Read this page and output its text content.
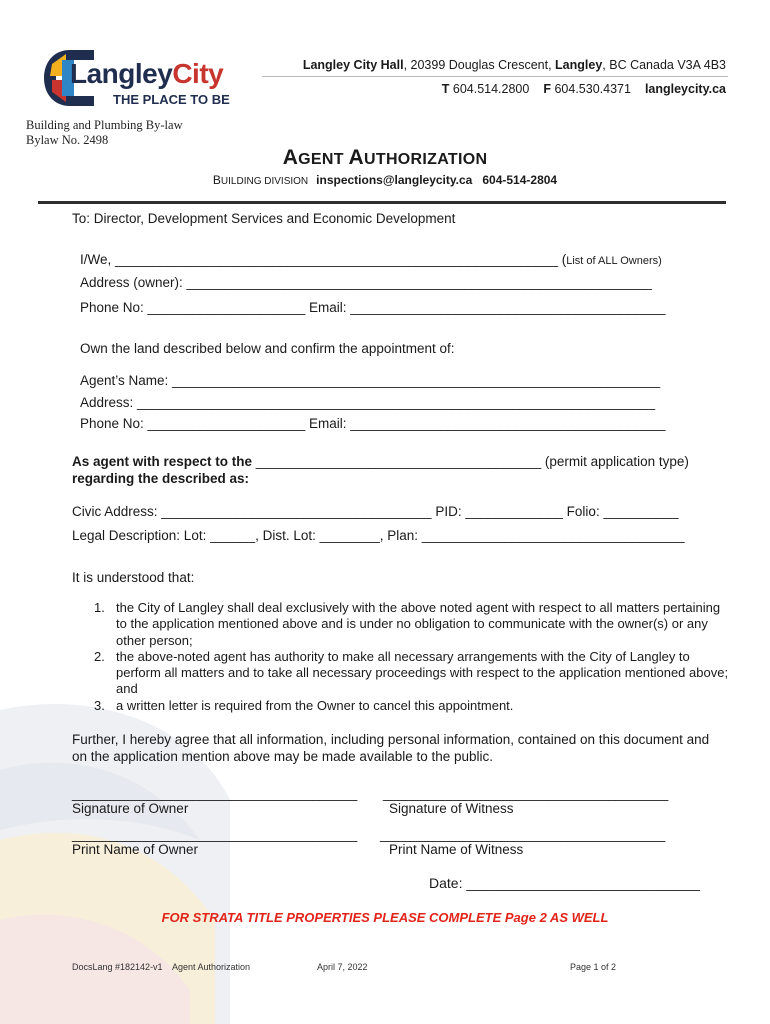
LangleyCity
THE PLACE TO BE
Langley City Hall, 20399 Douglas Crescent, Langley, BC Canada V3A 4B3
T 604.514.2800 F 604.530.4371 langleycity.ca
Building and Plumbing By-law
Bylaw No. 2498
AGENT AUTHORIZATION
BUILDING DIVISION inspections@langleycity.ca 604-514-2804
To: Director, Development Services and Economic Development
I/We, ___________________________________________________________ (List of ALL Owners)
Address (owner): ______________________________________________________________
Phone No: _____________________ Email: __________________________________________
Own the land described below and confirm the appointment of:
Agent’s Name: _________________________________________________________________
Address: _____________________________________________________________________
Phone No: _____________________ Email: __________________________________________
As agent with respect to the ______________________________________ (permit application type)
regarding the described as:
Civic Address: ____________________________________ PID: _____________ Folio: __________
Legal Description: Lot: ______, Dist. Lot: ________, Plan: ___________________________________
It is understood that:
1. the City of Langley shall deal exclusively with the above noted agent with respect to all matters pertaining to the application mentioned above and is under no obligation to communicate with the owner(s) or any other person;
2. the above-noted agent has authority to make all necessary arrangements with the City of Langley to perform all matters and to take all necessary proceedings with respect to the application mentioned above; and
3. a written letter is required from the Owner to cancel this appointment.
Further, I hereby agree that all information, including personal information, contained on this document and on the application mention above may be made available to the public.
______________________________________
Signature of Owner
______________________________________
Signature of Witness
______________________________________
Print Name of Owner
______________________________________
Print Name of Witness
Date: ______________________________
FOR STRATA TITLE PROPERTIES PLEASE COMPLETE Page 2 AS WELL
DocsLang #182142-v1 Agent Authorization	April 7, 2022	Page 1 of 2
